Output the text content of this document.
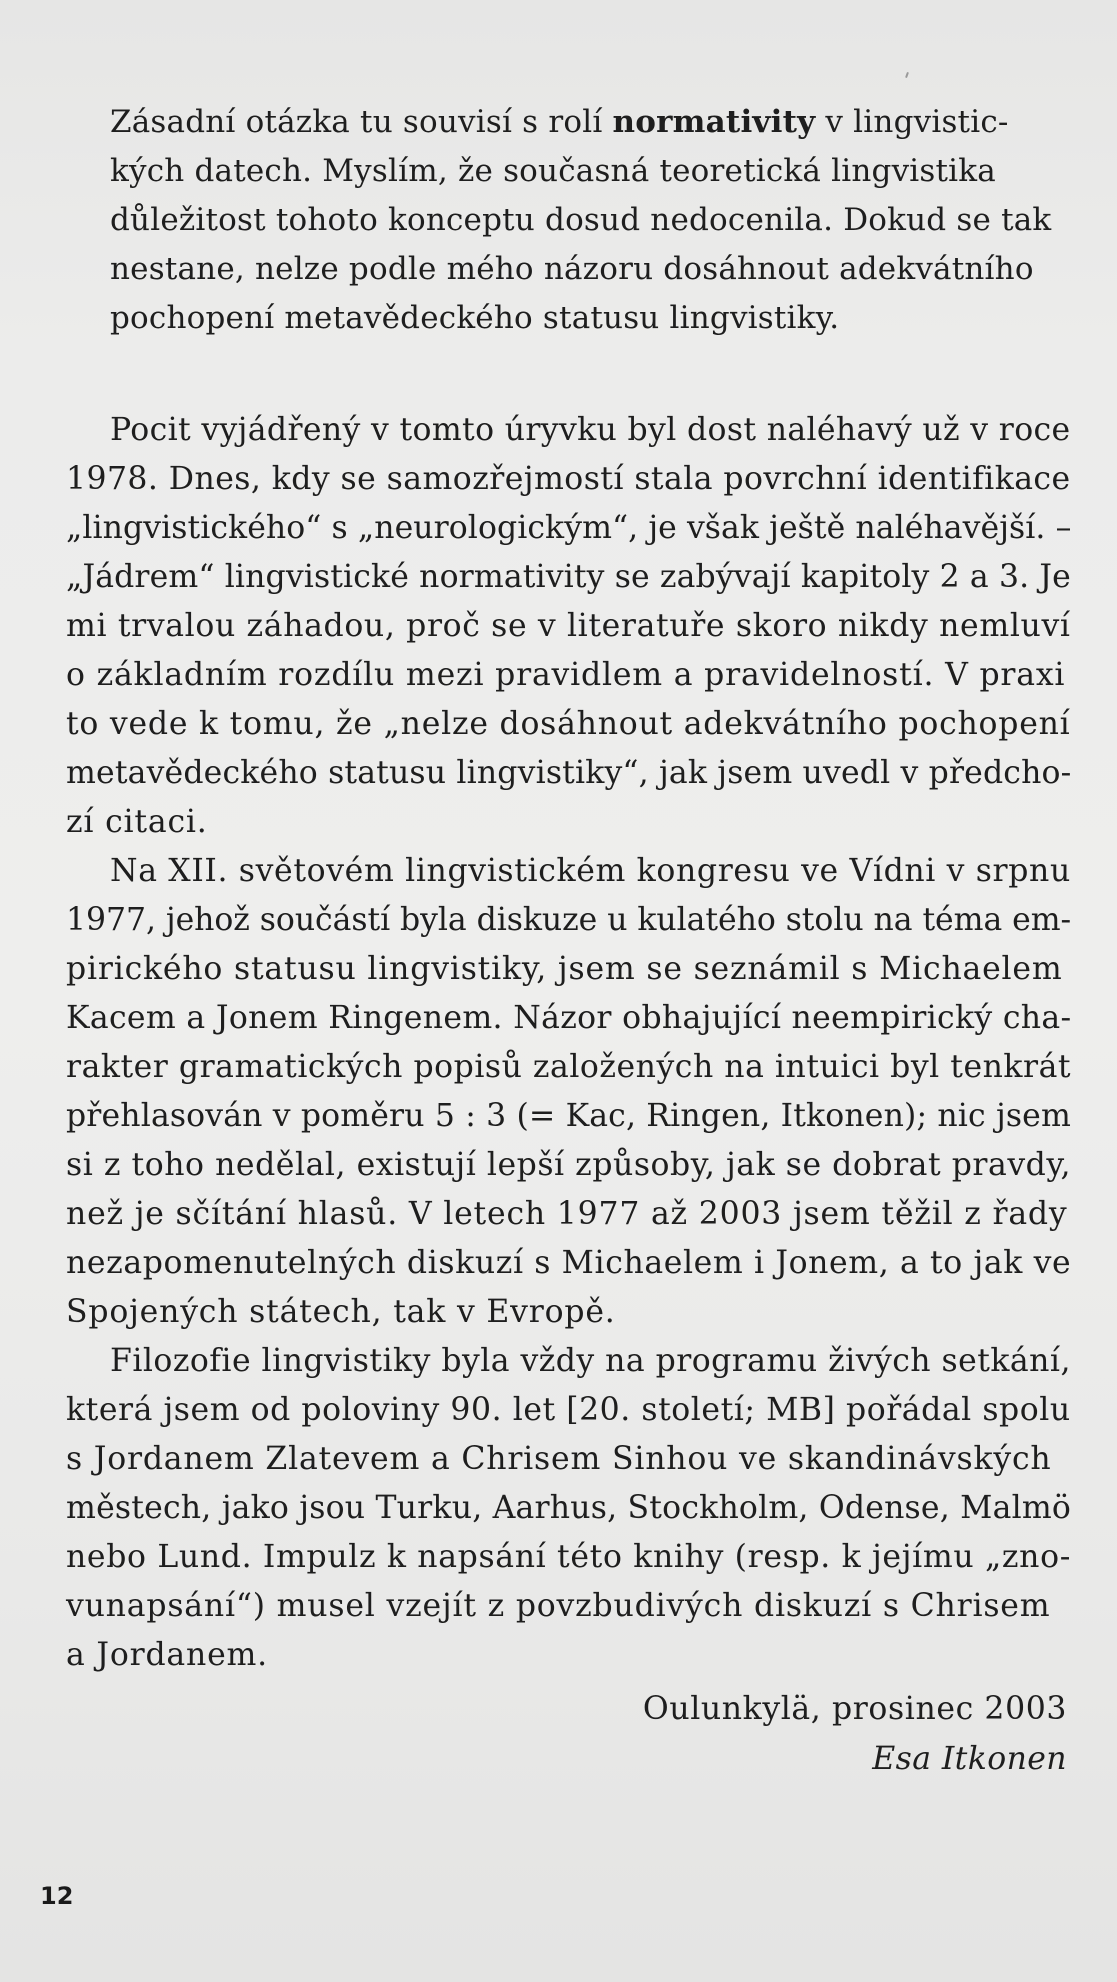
Zásadní otázka tu souvisí s rolí normativity v lingvistic-
kých datech. Myslím, že současná teoretická lingvistika
důležitost tohoto konceptu dosud nedocenila. Dokud se tak
nestane, nelze podle mého názoru dosáhnout adekvátního
pochopení metavědeckého statusu lingvistiky.
Pocit vyjádřený v tomto úryvku byl dost naléhavý už v roce
1978. Dnes, kdy se samozřejmostí stala povrchní identifikace
„lingvistického“ s „neurologickým“, je však ještě naléhavější. –
„Jádrem“ lingvistické normativity se zabývají kapitoly 2 a 3. Je
mi trvalou záhadou, proč se v literatuře skoro nikdy nemluví
o základním rozdílu mezi pravidlem a pravidelností. V praxi
to vede k tomu, že „nelze dosáhnout adekvátního pochopení
metavědeckého statusu lingvistiky“, jak jsem uvedl v předcho-
zí citaci.
Na XII. světovém lingvistickém kongresu ve Vídni v srpnu
1977, jehož součástí byla diskuze u kulatého stolu na téma em-
pirického statusu lingvistiky, jsem se seznámil s Michaelem
Kacem a Jonem Ringenem. Názor obhajující neempirický cha-
rakter gramatických popisů založených na intuici byl tenkrát
přehlasován v poměru 5 : 3 (= Kac, Ringen, Itkonen); nic jsem
si z toho nedělal, existují lepší způsoby, jak se dobrat pravdy,
než je sčítání hlasů. V letech 1977 až 2003 jsem těžil z řady
nezapomenutelných diskuzí s Michaelem i Jonem, a to jak ve
Spojených státech, tak v Evropě.
Filozofie lingvistiky byla vždy na programu živých setkání,
která jsem od poloviny 90. let [20. století; MB] pořádal spolu
s Jordanem Zlatevem a Chrisem Sinhou ve skandinávských
městech, jako jsou Turku, Aarhus, Stockholm, Odense, Malmö
nebo Lund. Impulz k napsání této knihy (resp. k jejímu „zno-
vunapsání“) musel vzejít z povzbudivých diskuzí s Chrisem
a Jordanem.
Oulunkylä, prosinec 2003
Esa Itkonen
12
